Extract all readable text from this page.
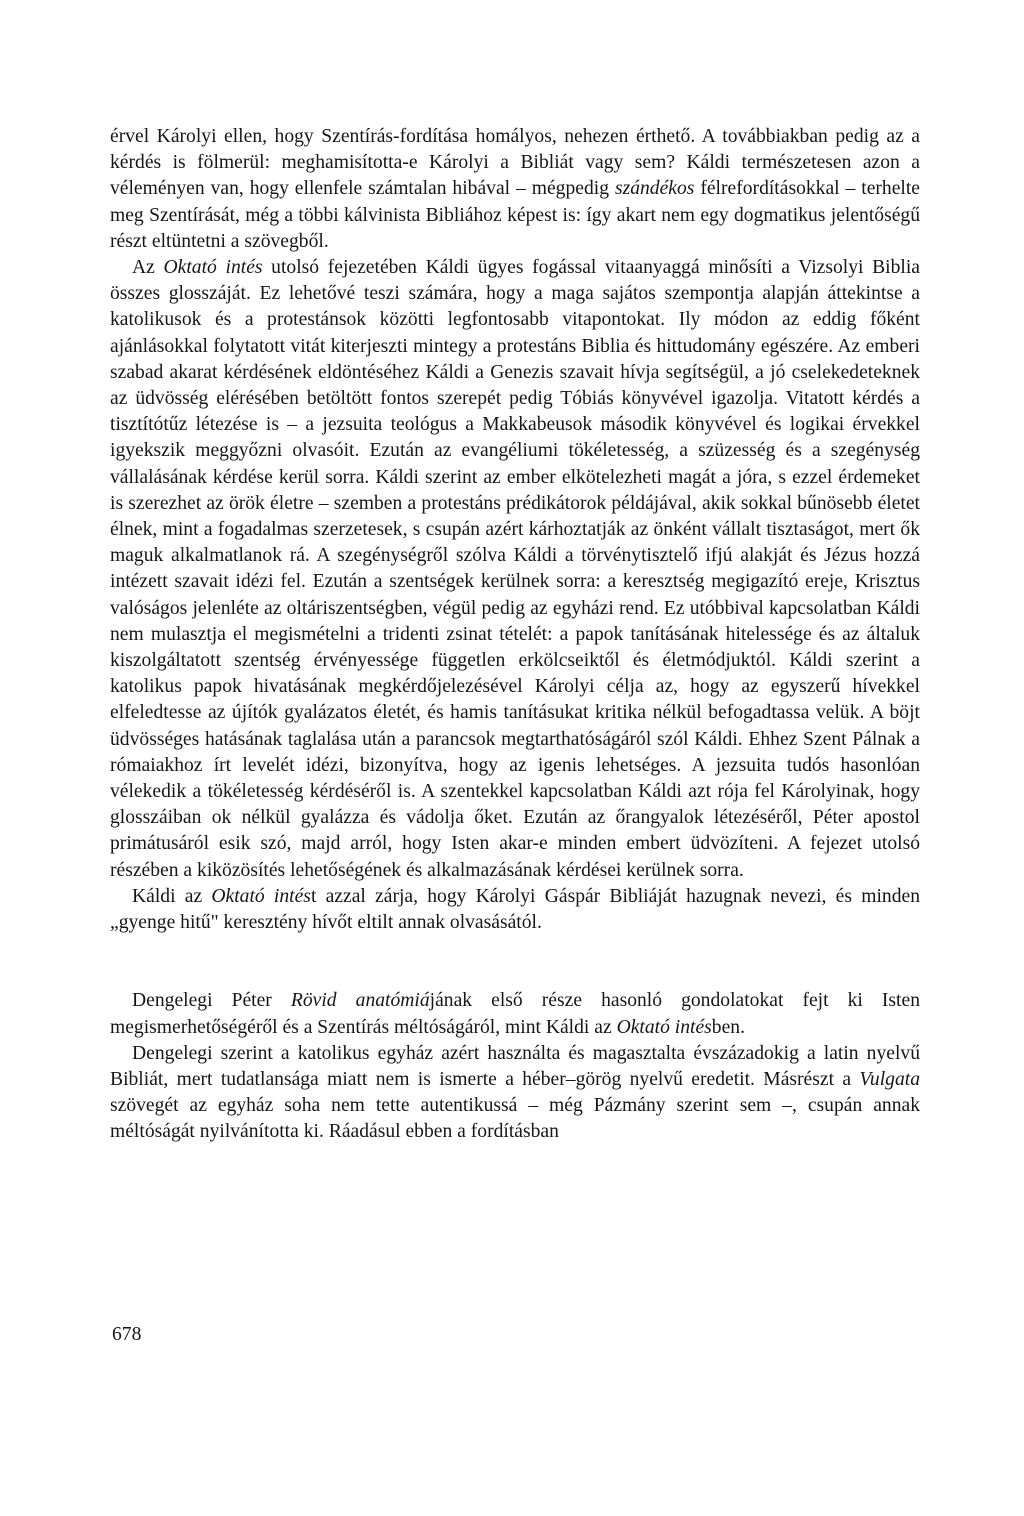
érvel Károlyi ellen, hogy Szentírás-fordítása homályos, nehezen érthető. A továbbiakban pedig az a kérdés is fölmerül: meghamisította-e Károlyi a Bibliát vagy sem? Káldi természetesen azon a véleményen van, hogy ellenfele számtalan hibával – mégpedig szándékos félrefordításokkal – terhelte meg Szentírását, még a többi kálvinista Bibliához képest is: így akart nem egy dogmatikus jelentőségű részt eltüntetni a szövegből.

Az Oktató intés utolsó fejezetében Káldi ügyes fogással vitaanyaggá minősíti a Vizsolyi Biblia összes glosszáját. Ez lehetővé teszi számára, hogy a maga sajátos szempontja alapján áttekintse a katolikusok és a protestánsok közötti legfontosabb vitapontokat. Ily módon az eddig főként ajánlásokkal folytatott vitát kiterjeszti mintegy a protestáns Biblia és hittudomány egészére. Az emberi szabad akarat kérdésének eldöntéséhez Káldi a Genezis szavait hívja segítségül, a jó cselekedeteknek az üdvösség elérésében betöltött fontos szerepét pedig Tóbiás könyvével igazolja. Vitatott kérdés a tisztítótűz létezése is – a jezsuita teológus a Makkabeusok második könyvével és logikai érvekkel igyekszik meggyőzni olvasóit. Ezután az evangéliumi tökéletesség, a szüzesség és a szegénység vállalásának kérdése kerül sorra. Káldi szerint az ember elkötelezheti magát a jóra, s ezzel érdemeket is szerezhet az örök életre – szemben a protestáns prédikátorok példájával, akik sokkal bűnösebb életet élnek, mint a fogadalmas szerzetesek, s csupán azért kárhoztatják az önként vállalt tisztaságot, mert ők maguk alkalmatlanok rá. A szegénységről szólva Káldi a törvénytisztelő ifjú alakját és Jézus hozzá intézett szavait idézi fel. Ezután a szentségek kerülnek sorra: a keresztség megigazító ereje, Krisztus valóságos jelenléte az oltáriszentségben, végül pedig az egyházi rend. Ez utóbbival kapcsolatban Káldi nem mulasztja el megismételni a tridenti zsinat tételét: a papok tanításának hitelessége és az általuk kiszolgáltatott szentség érvényessége független erkölcseiktől és életmódjuktól. Káldi szerint a katolikus papok hivatásának megkérdőjelezésével Károlyi célja az, hogy az egyszerű hívekkel elfeledtesse az újítók gyalázatos életét, és hamis tanításukat kritika nélkül befogadtassa velük. A böjt üdvösséges hatásának taglalása után a parancsok megtarthatóságáról szól Káldi. Ehhez Szent Pálnak a rómaiakhoz írt levelét idézi, bizonyítva, hogy az igenis lehetséges. A jezsuita tudós hasonlóan vélekedik a tökéletesség kérdéséről is. A szentekkel kapcsolatban Káldi azt rója fel Károlyinak, hogy glosszáiban ok nélkül gyalázza és vádolja őket. Ezután az őrangyalok létezéséről, Péter apostol primátusáról esik szó, majd arról, hogy Isten akar-e minden embert üdvözíteni. A fejezet utolsó részében a kiközösítés lehetőségének és alkalmazásának kérdései kerülnek sorra.

Káldi az Oktató intést azzal zárja, hogy Károlyi Gáspár Bibliáját hazugnak nevezi, és minden „gyenge hitű" keresztény hívőt eltilt annak olvasásától.

Dengelegi Péter Rövid anatómiájának első része hasonló gondolatokat fejt ki Isten megismerhetőségéről és a Szentírás méltóságáról, mint Káldi az Oktató intésben.

Dengelegi szerint a katolikus egyház azért használta és magasztalta évszázadokig a latin nyelvű Bibliát, mert tudatlansága miatt nem is ismerte a héber–görög nyelvű eredetit. Másrészt a Vulgata szövegét az egyház soha nem tette autentikussá – még Pázmány szerint sem –, csupán annak méltóságát nyilvánította ki. Ráadásul ebben a fordításban

678
